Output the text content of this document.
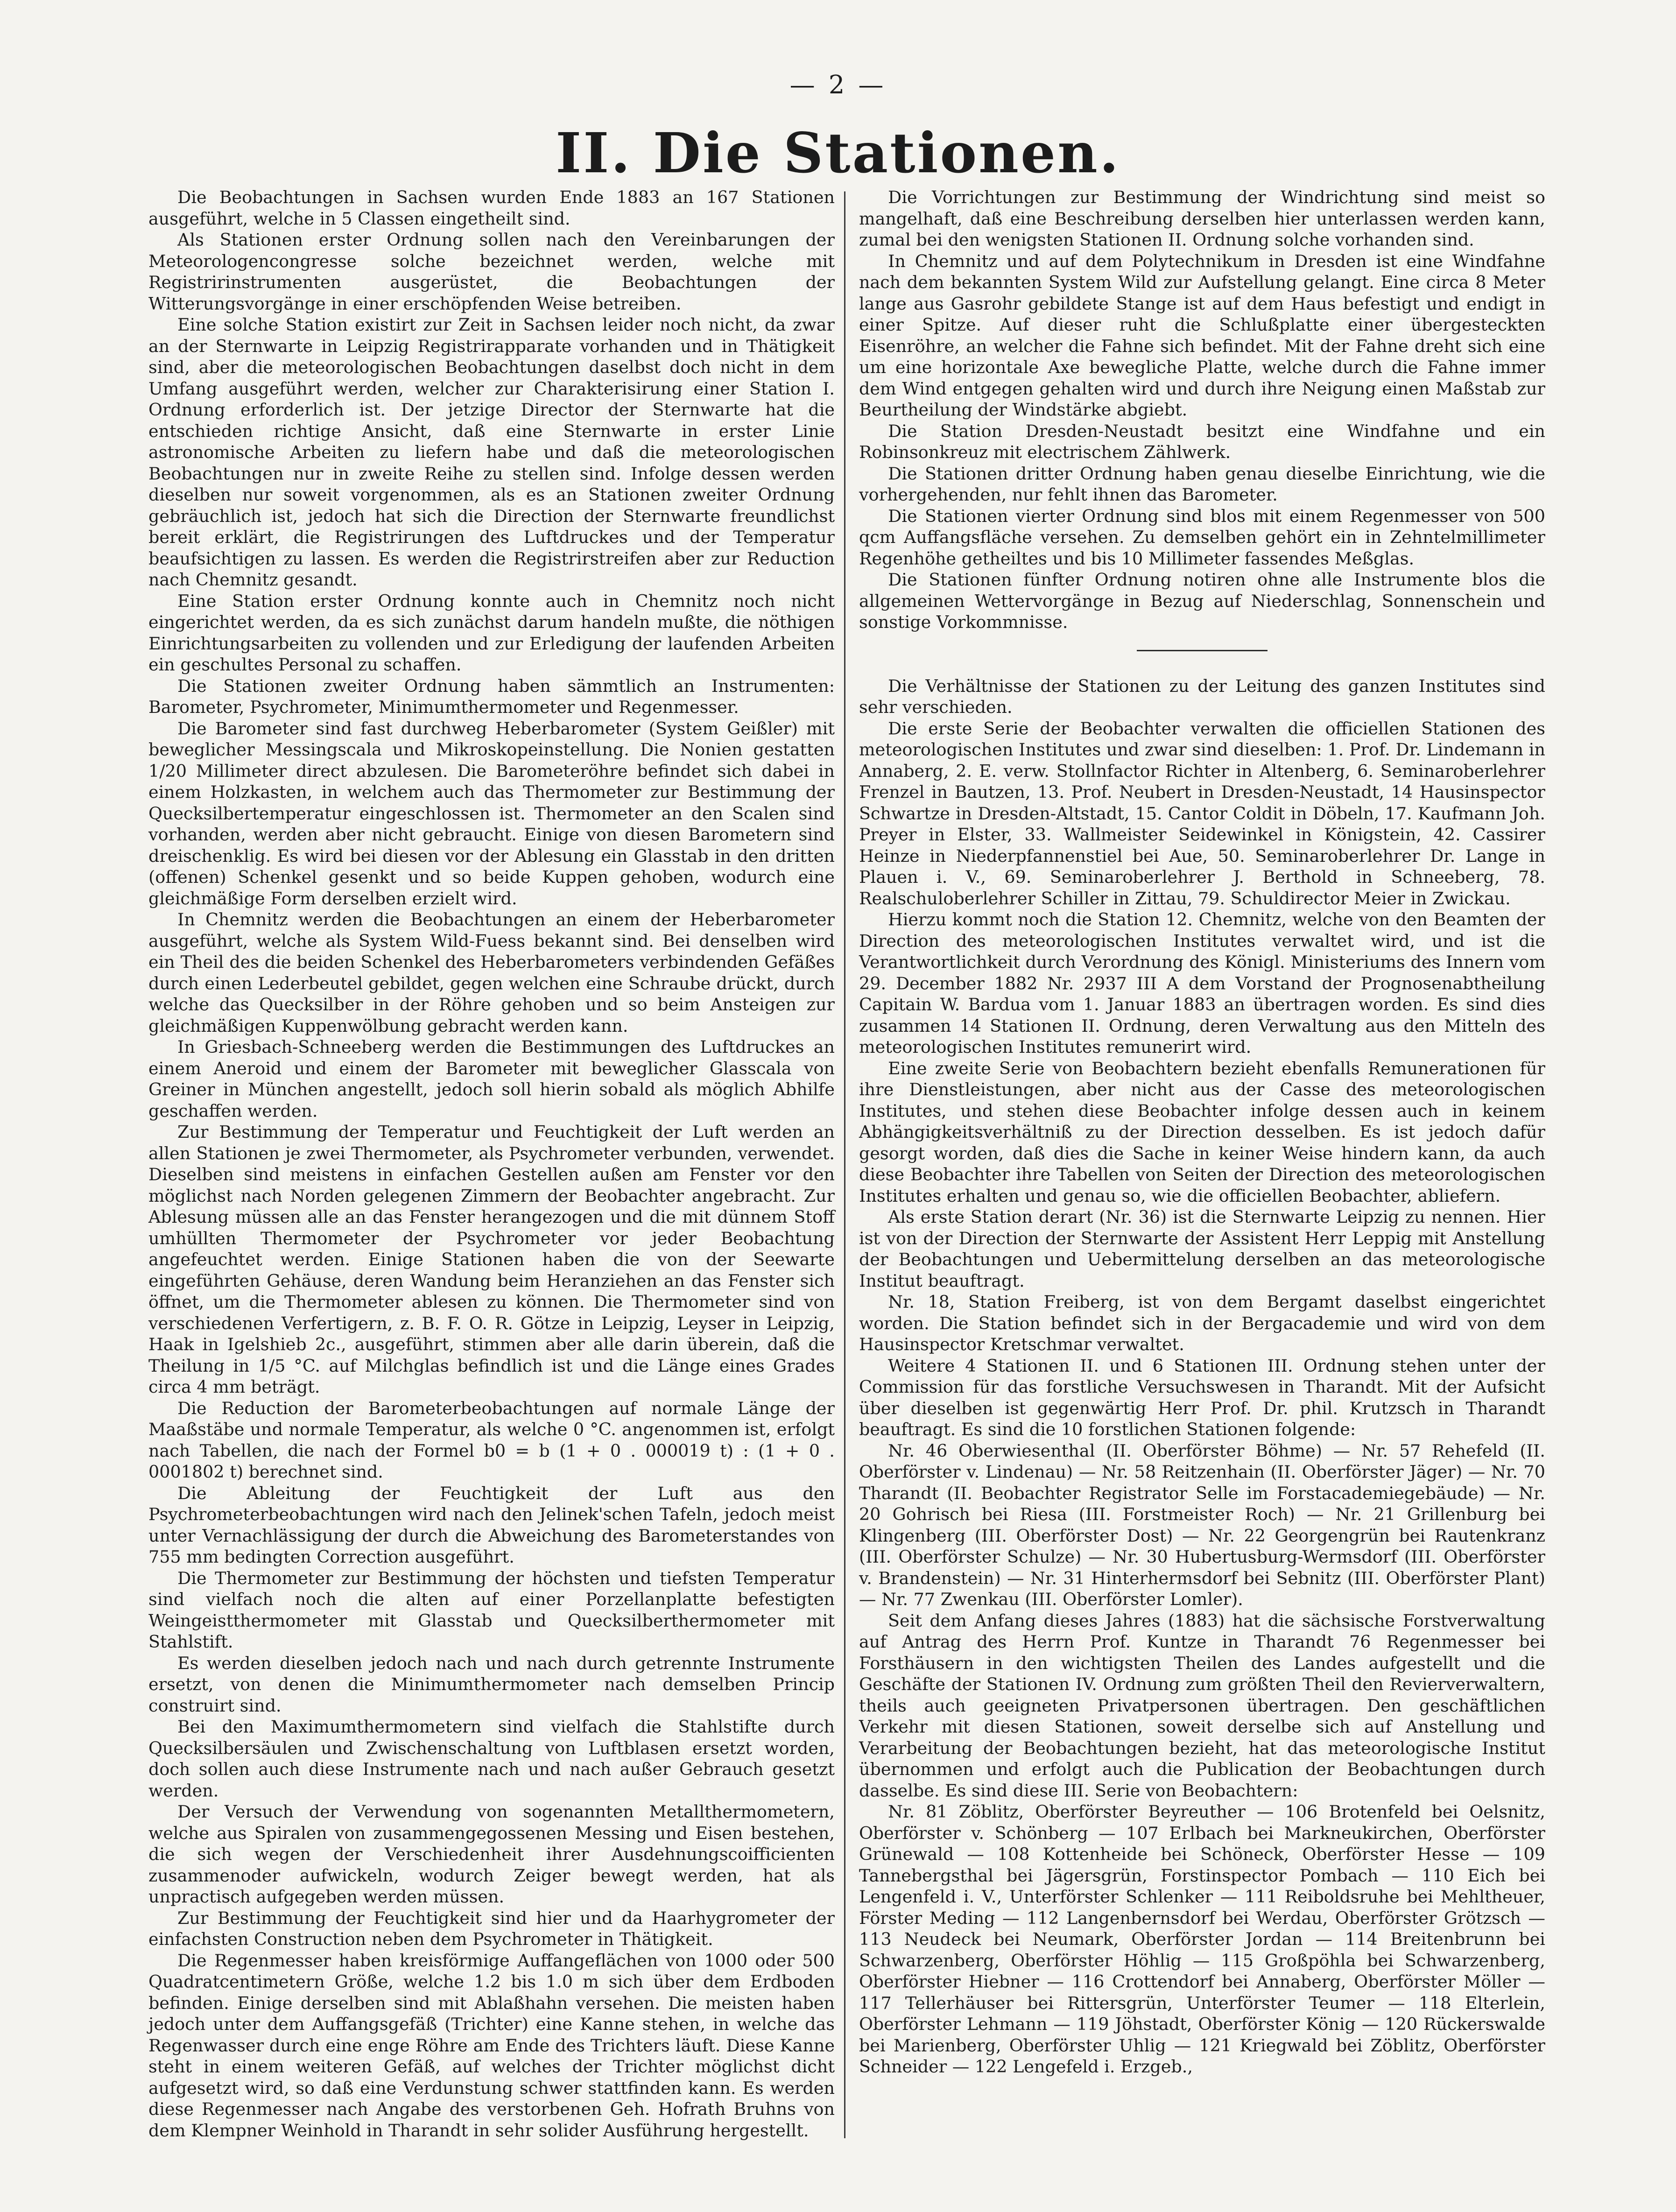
— 2 —
II. Die Stationen.

Die Beobachtungen in Sachsen wurden Ende 1883 an 167 Stationen ausgeführt, welche in 5 Classen eingetheilt sind.

Als Stationen erster Ordnung sollen nach den Vereinbarungen der Meteorologencongresse solche bezeichnet werden, welche mit Registririnstrumenten ausgerüstet, die Beobachtungen der Witterungsvorgänge in einer erschöpfenden Weise betreiben.

Eine solche Station existirt zur Zeit in Sachsen leider noch nicht, da zwar an der Sternwarte in Leipzig Registrirapparate vorhanden und in Thätigkeit sind, aber die meteorologischen Beobachtungen daselbst doch nicht in dem Umfang ausgeführt werden, welcher zur Charakterisirung einer Station I. Ordnung erforderlich ist. Der jetzige Director der Sternwarte hat die entschieden richtige Ansicht, daß eine Sternwarte in erster Linie astronomische Arbeiten zu liefern habe und daß die meteorologischen Beobachtungen nur in zweite Reihe zu stellen sind. Infolge dessen werden dieselben nur soweit vorgenommen, als es an Stationen zweiter Ordnung gebräuchlich ist, jedoch hat sich die Direction der Sternwarte freundlichst bereit erklärt, die Registrirungen des Luftdruckes und der Temperatur beaufsichtigen zu lassen. Es werden die Registrirstreifen aber zur Reduction nach Chemnitz gesandt.

Eine Station erster Ordnung konnte auch in Chemnitz noch nicht eingerichtet werden, da es sich zunächst darum handeln mußte, die nöthigen Einrichtungsarbeiten zu vollenden und zur Erledigung der laufenden Arbeiten ein geschultes Personal zu schaffen.

Die Stationen zweiter Ordnung haben sämmtlich an Instrumenten: Barometer, Psychrometer, Minimumthermometer und Regenmesser.

Die Barometer sind fast durchweg Heberbarometer (System Geißler) mit beweglicher Messingscala und Mikroskopeinstellung. Die Nonien gestatten 1/20 Millimeter direct abzulesen. Die Barometeröhre befindet sich dabei in einem Holzkasten, in welchem auch das Thermometer zur Bestimmung der Quecksilbertemperatur eingeschlossen ist. Thermometer an den Scalen sind vorhanden, werden aber nicht gebraucht. Einige von diesen Barometern sind dreischenklig. Es wird bei diesen vor der Ablesung ein Glasstab in den dritten (offenen) Schenkel gesenkt und so beide Kuppen gehoben, wodurch eine gleichmäßige Form derselben erzielt wird.

In Chemnitz werden die Beobachtungen an einem der Heberbarometer ausgeführt, welche als System Wild-Fuess bekannt sind. Bei denselben wird ein Theil des die beiden Schenkel des Heberbarometers verbindenden Gefäßes durch einen Lederbeutel gebildet, gegen welchen eine Schraube drückt, durch welche das Quecksilber in der Röhre gehoben und so beim Ansteigen zur gleichmäßigen Kuppenwölbung gebracht werden kann.

In Griesbach-Schneeberg werden die Bestimmungen des Luftdruckes an einem Aneroid und einem der Barometer mit beweglicher Glasscala von Greiner in München angestellt, jedoch soll hierin sobald als möglich Abhilfe geschaffen werden.

Zur Bestimmung der Temperatur und Feuchtigkeit der Luft werden an allen Stationen je zwei Thermometer, als Psychrometer verbunden, verwendet. Dieselben sind meistens in einfachen Gestellen außen am Fenster vor den möglichst nach Norden gelegenen Zimmern der Beobachter angebracht. Zur Ablesung müssen alle an das Fenster herangezogen und die mit dünnem Stoff umhüllten Thermometer der Psychrometer vor jeder Beobachtung angefeuchtet werden. Einige Stationen haben die von der Seewarte eingeführten Gehäuse, deren Wandung beim Heranziehen an das Fenster sich öffnet, um die Thermometer ablesen zu können. Die Thermometer sind von verschiedenen Verfertigern, z. B. F. O. R. Götze in Leipzig, Leyser in Leipzig, Haak in Igelshieb 2c., ausgeführt, stimmen aber alle darin überein, daß die Theilung in 1/5 °C. auf Milchglas befindlich ist und die Länge eines Grades circa 4 mm beträgt.

Die Reduction der Barometerbeobachtungen auf normale Länge der Maaßstäbe und normale Temperatur, als welche 0 °C. angenommen ist, erfolgt nach Tabellen, die nach der Formel b0 = b (1 + 0 . 000019 t) : (1 + 0 . 0001802 t) berechnet sind.

Die Ableitung der Feuchtigkeit der Luft aus den Psychrometerbeobachtungen wird nach den Jelinek'schen Tafeln, jedoch meist unter Vernachlässigung der durch die Abweichung des Barometerstandes von 755 mm bedingten Correction ausgeführt.

Die Thermometer zur Bestimmung der höchsten und tiefsten Temperatur sind vielfach noch die alten auf einer Porzellanplatte befestigten Weingeistthermometer mit Glasstab und Quecksilberthermometer mit Stahlstift.

Es werden dieselben jedoch nach und nach durch getrennte Instrumente ersetzt, von denen die Minimumthermometer nach demselben Princip construirt sind.

Bei den Maximumthermometern sind vielfach die Stahlstifte durch Quecksilbersäulen und Zwischenschaltung von Luftblasen ersetzt worden, doch sollen auch diese Instrumente nach und nach außer Gebrauch gesetzt werden.

Der Versuch der Verwendung von sogenannten Metallthermometern, welche aus Spiralen von zusammengegossenen Messing und Eisen bestehen, die sich wegen der Verschiedenheit ihrer Ausdehnungscoifficienten zusammenoder aufwickeln, wodurch Zeiger bewegt werden, hat als unpractisch aufgegeben werden müssen.

Zur Bestimmung der Feuchtigkeit sind hier und da Haarhygrometer der einfachsten Construction neben dem Psychrometer in Thätigkeit.

Die Regenmesser haben kreisförmige Auffangeflächen von 1000 oder 500 Quadratcentimetern Größe, welche 1.2 bis 1.0 m sich über dem Erdboden befinden. Einige derselben sind mit Ablaßhahn versehen. Die meisten haben jedoch unter dem Auffangsgefäß (Trichter) eine Kanne stehen, in welche das Regenwasser durch eine enge Röhre am Ende des Trichters läuft. Diese Kanne steht in einem weiteren Gefäß, auf welches der Trichter möglichst dicht aufgesetzt wird, so daß eine Verdunstung schwer stattfinden kann. Es werden diese Regenmesser nach Angabe des verstorbenen Geh. Hofrath Bruhns von dem Klempner Weinhold in Tharandt in sehr solider Ausführung hergestellt.

Die Vorrichtungen zur Bestimmung der Windrichtung sind meist so mangelhaft, daß eine Beschreibung derselben hier unterlassen werden kann, zumal bei den wenigsten Stationen II. Ordnung solche vorhanden sind.

In Chemnitz und auf dem Polytechnikum in Dresden ist eine Windfahne nach dem bekannten System Wild zur Aufstellung gelangt. Eine circa 8 Meter lange aus Gasrohr gebildete Stange ist auf dem Haus befestigt und endigt in einer Spitze. Auf dieser ruht die Schlußplatte einer übergesteckten Eisenröhre, an welcher die Fahne sich befindet. Mit der Fahne dreht sich eine um eine horizontale Axe bewegliche Platte, welche durch die Fahne immer dem Wind entgegen gehalten wird und durch ihre Neigung einen Maßstab zur Beurtheilung der Windstärke abgiebt.

Die Station Dresden-Neustadt besitzt eine Windfahne und ein Robinsonkreuz mit electrischem Zählwerk.

Die Stationen dritter Ordnung haben genau dieselbe Einrichtung, wie die vorhergehenden, nur fehlt ihnen das Barometer.

Die Stationen vierter Ordnung sind blos mit einem Regenmesser von 500 qcm Auffangsfläche versehen. Zu demselben gehört ein in Zehntelmillimeter Regenhöhe getheiltes und bis 10 Millimeter fassendes Meßglas.

Die Stationen fünfter Ordnung notiren ohne alle Instrumente blos die allgemeinen Wettervorgänge in Bezug auf Niederschlag, Sonnenschein und sonstige Vorkommnisse.

Die Verhältnisse der Stationen zu der Leitung des ganzen Institutes sind sehr verschieden.

Die erste Serie der Beobachter verwalten die officiellen Stationen des meteorologischen Institutes und zwar sind dieselben: 1. Prof. Dr. Lindemann in Annaberg, 2. E. verw. Stollnfactor Richter in Altenberg, 6. Seminaroberlehrer Frenzel in Bautzen, 13. Prof. Neubert in Dresden-Neustadt, 14 Hausinspector Schwartze in Dresden-Altstadt, 15. Cantor Coldit in Döbeln, 17. Kaufmann Joh. Preyer in Elster, 33. Wallmeister Seidewinkel in Königstein, 42. Cassirer Heinze in Niederpfannenstiel bei Aue, 50. Seminaroberlehrer Dr. Lange in Plauen i. V., 69. Seminaroberlehrer J. Berthold in Schneeberg, 78. Realschuloberlehrer Schiller in Zittau, 79. Schuldirector Meier in Zwickau.

Hierzu kommt noch die Station 12. Chemnitz, welche von den Beamten der Direction des meteorologischen Institutes verwaltet wird, und ist die Verantwortlichkeit durch Verordnung des Königl. Ministeriums des Innern vom 29. December 1882 Nr. 2937 III A dem Vorstand der Prognosenabtheilung Capitain W. Bardua vom 1. Januar 1883 an übertragen worden. Es sind dies zusammen 14 Stationen II. Ordnung, deren Verwaltung aus den Mitteln des meteorologischen Institutes remunerirt wird.

Eine zweite Serie von Beobachtern bezieht ebenfalls Remunerationen für ihre Dienstleistungen, aber nicht aus der Casse des meteorologischen Institutes, und stehen diese Beobachter infolge dessen auch in keinem Abhängigkeitsverhältniß zu der Direction desselben. Es ist jedoch dafür gesorgt worden, daß dies die Sache in keiner Weise hindern kann, da auch diese Beobachter ihre Tabellen von Seiten der Direction des meteorologischen Institutes erhalten und genau so, wie die officiellen Beobachter, abliefern.

Als erste Station derart (Nr. 36) ist die Sternwarte Leipzig zu nennen. Hier ist von der Direction der Sternwarte der Assistent Herr Leppig mit Anstellung der Beobachtungen und Uebermittelung derselben an das meteorologische Institut beauftragt.

Nr. 18, Station Freiberg, ist von dem Bergamt daselbst eingerichtet worden. Die Station befindet sich in der Bergacademie und wird von dem Hausinspector Kretschmar verwaltet.

Weitere 4 Stationen II. und 6 Stationen III. Ordnung stehen unter der Commission für das forstliche Versuchswesen in Tharandt. Mit der Aufsicht über dieselben ist gegenwärtig Herr Prof. Dr. phil. Krutzsch in Tharandt beauftragt. Es sind die 10 forstlichen Stationen folgende:

Nr. 46 Oberwiesenthal (II. Oberförster Böhme) — Nr. 57 Rehefeld (II. Oberförster v. Lindenau) — Nr. 58 Reitzenhain (II. Oberförster Jäger) — Nr. 70 Tharandt (II. Beobachter Registrator Selle im Forstacademiegebäude) — Nr. 20 Gohrisch bei Riesa (III. Forstmeister Roch) — Nr. 21 Grillenburg bei Klingenberg (III. Oberförster Dost) — Nr. 22 Georgengrün bei Rautenkranz (III. Oberförster Schulze) — Nr. 30 Hubertusburg-Wermsdorf (III. Oberförster v. Brandenstein) — Nr. 31 Hinterhermsdorf bei Sebnitz (III. Oberförster Plant) — Nr. 77 Zwenkau (III. Oberförster Lomler).

Seit dem Anfang dieses Jahres (1883) hat die sächsische Forstverwaltung auf Antrag des Herrn Prof. Kuntze in Tharandt 76 Regenmesser bei Forsthäusern in den wichtigsten Theilen des Landes aufgestellt und die Geschäfte der Stationen IV. Ordnung zum größten Theil den Revierverwaltern, theils auch geeigneten Privatpersonen übertragen. Den geschäftlichen Verkehr mit diesen Stationen, soweit derselbe sich auf Anstellung und Verarbeitung der Beobachtungen bezieht, hat das meteorologische Institut übernommen und erfolgt auch die Publication der Beobachtungen durch dasselbe. Es sind diese III. Serie von Beobachtern:

Nr. 81 Zöblitz, Oberförster Beyreuther — 106 Brotenfeld bei Oelsnitz, Oberförster v. Schönberg — 107 Erlbach bei Markneukirchen, Oberförster Grünewald — 108 Kottenheide bei Schöneck, Oberförster Hesse — 109 Tannebergsthal bei Jägersgrün, Forstinspector Pombach — 110 Eich bei Lengenfeld i. V., Unterförster Schlenker — 111 Reiboldsruhe bei Mehltheuer, Förster Meding — 112 Langenbernsdorf bei Werdau, Oberförster Grötzsch — 113 Neudeck bei Neumark, Oberförster Jordan — 114 Breitenbrunn bei Schwarzenberg, Oberförster Höhlig — 115 Großpöhla bei Schwarzenberg, Oberförster Hiebner — 116 Crottendorf bei Annaberg, Oberförster Möller — 117 Tellerhäuser bei Rittersgrün, Unterförster Teumer — 118 Elterlein, Oberförster Lehmann — 119 Jöhstadt, Oberförster König — 120 Rückerswalde bei Marienberg, Oberförster Uhlig — 121 Kriegwald bei Zöblitz, Oberförster Schneider — 122 Lengefeld i. Erzgeb.,
